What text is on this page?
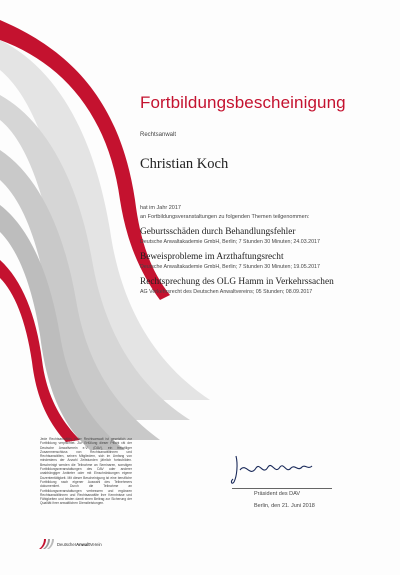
Fortbildungsbescheinigung
Rechtsanwalt
Christian Koch
hat im Jahr 2017
an Fortbildungsveranstaltungen zu folgenden Themen teilgenommen:
Geburtsschäden durch Behandlungsfehler
Deutsche Anwaltakademie GmbH, Berlin; 7 Stunden 30 Minuten; 24.03.2017
Beweisprobleme im Arzthaftungsrecht
Deutsche Anwaltakademie GmbH, Berlin; 7 Stunden 30 Minuten; 19.05.2017
Rechtsprechung des OLG Hamm in Verkehrssachen
AG Verkehrsrecht des Deutschen Anwaltvereins; 05 Stunden; 08.09.2017
Jede Rechtsanwältin, jeder Rechtsanwalt ist gesetzlich zur Fortbildung verpflichtet. Zur Erfüllung dieser Pflicht rät der Deutsche Anwaltverein e.V. (DAV), ein freiwilliger Zusammenschluss von Rechtsanwältinnen und Rechtsanwälten, seinen Mitgliedern, sich im Umfang von mindestens der Anzahl Zeitstunden jährlich fortzubilden. Bescheinigt werden die Teilnahme an Seminaren, sonstigen Fortbildungsveranstaltungen des DAV oder anderer unabhängiger Anbieter oder mit Einschränkungen eigene Dozententätigkeit. Mit dieser Bescheinigung ist eine berufliche Fortbildung nach eigener Auswahl des Teilnehmers dokumentiert. Durch die Teilnahme an Fortbildungsveranstaltungen verbessern und ergänzen Rechtsanwältinnen und Rechtsanwälte ihre Kenntnisse und Fähigkeiten und leisten damit einen Beitrag zur Sicherung der Qualität ihrer anwaltlichen Dienstleistungen.
DeutscherAnwaltVerein
Präsident des DAV
Berlin, den 21. Juni 2018
